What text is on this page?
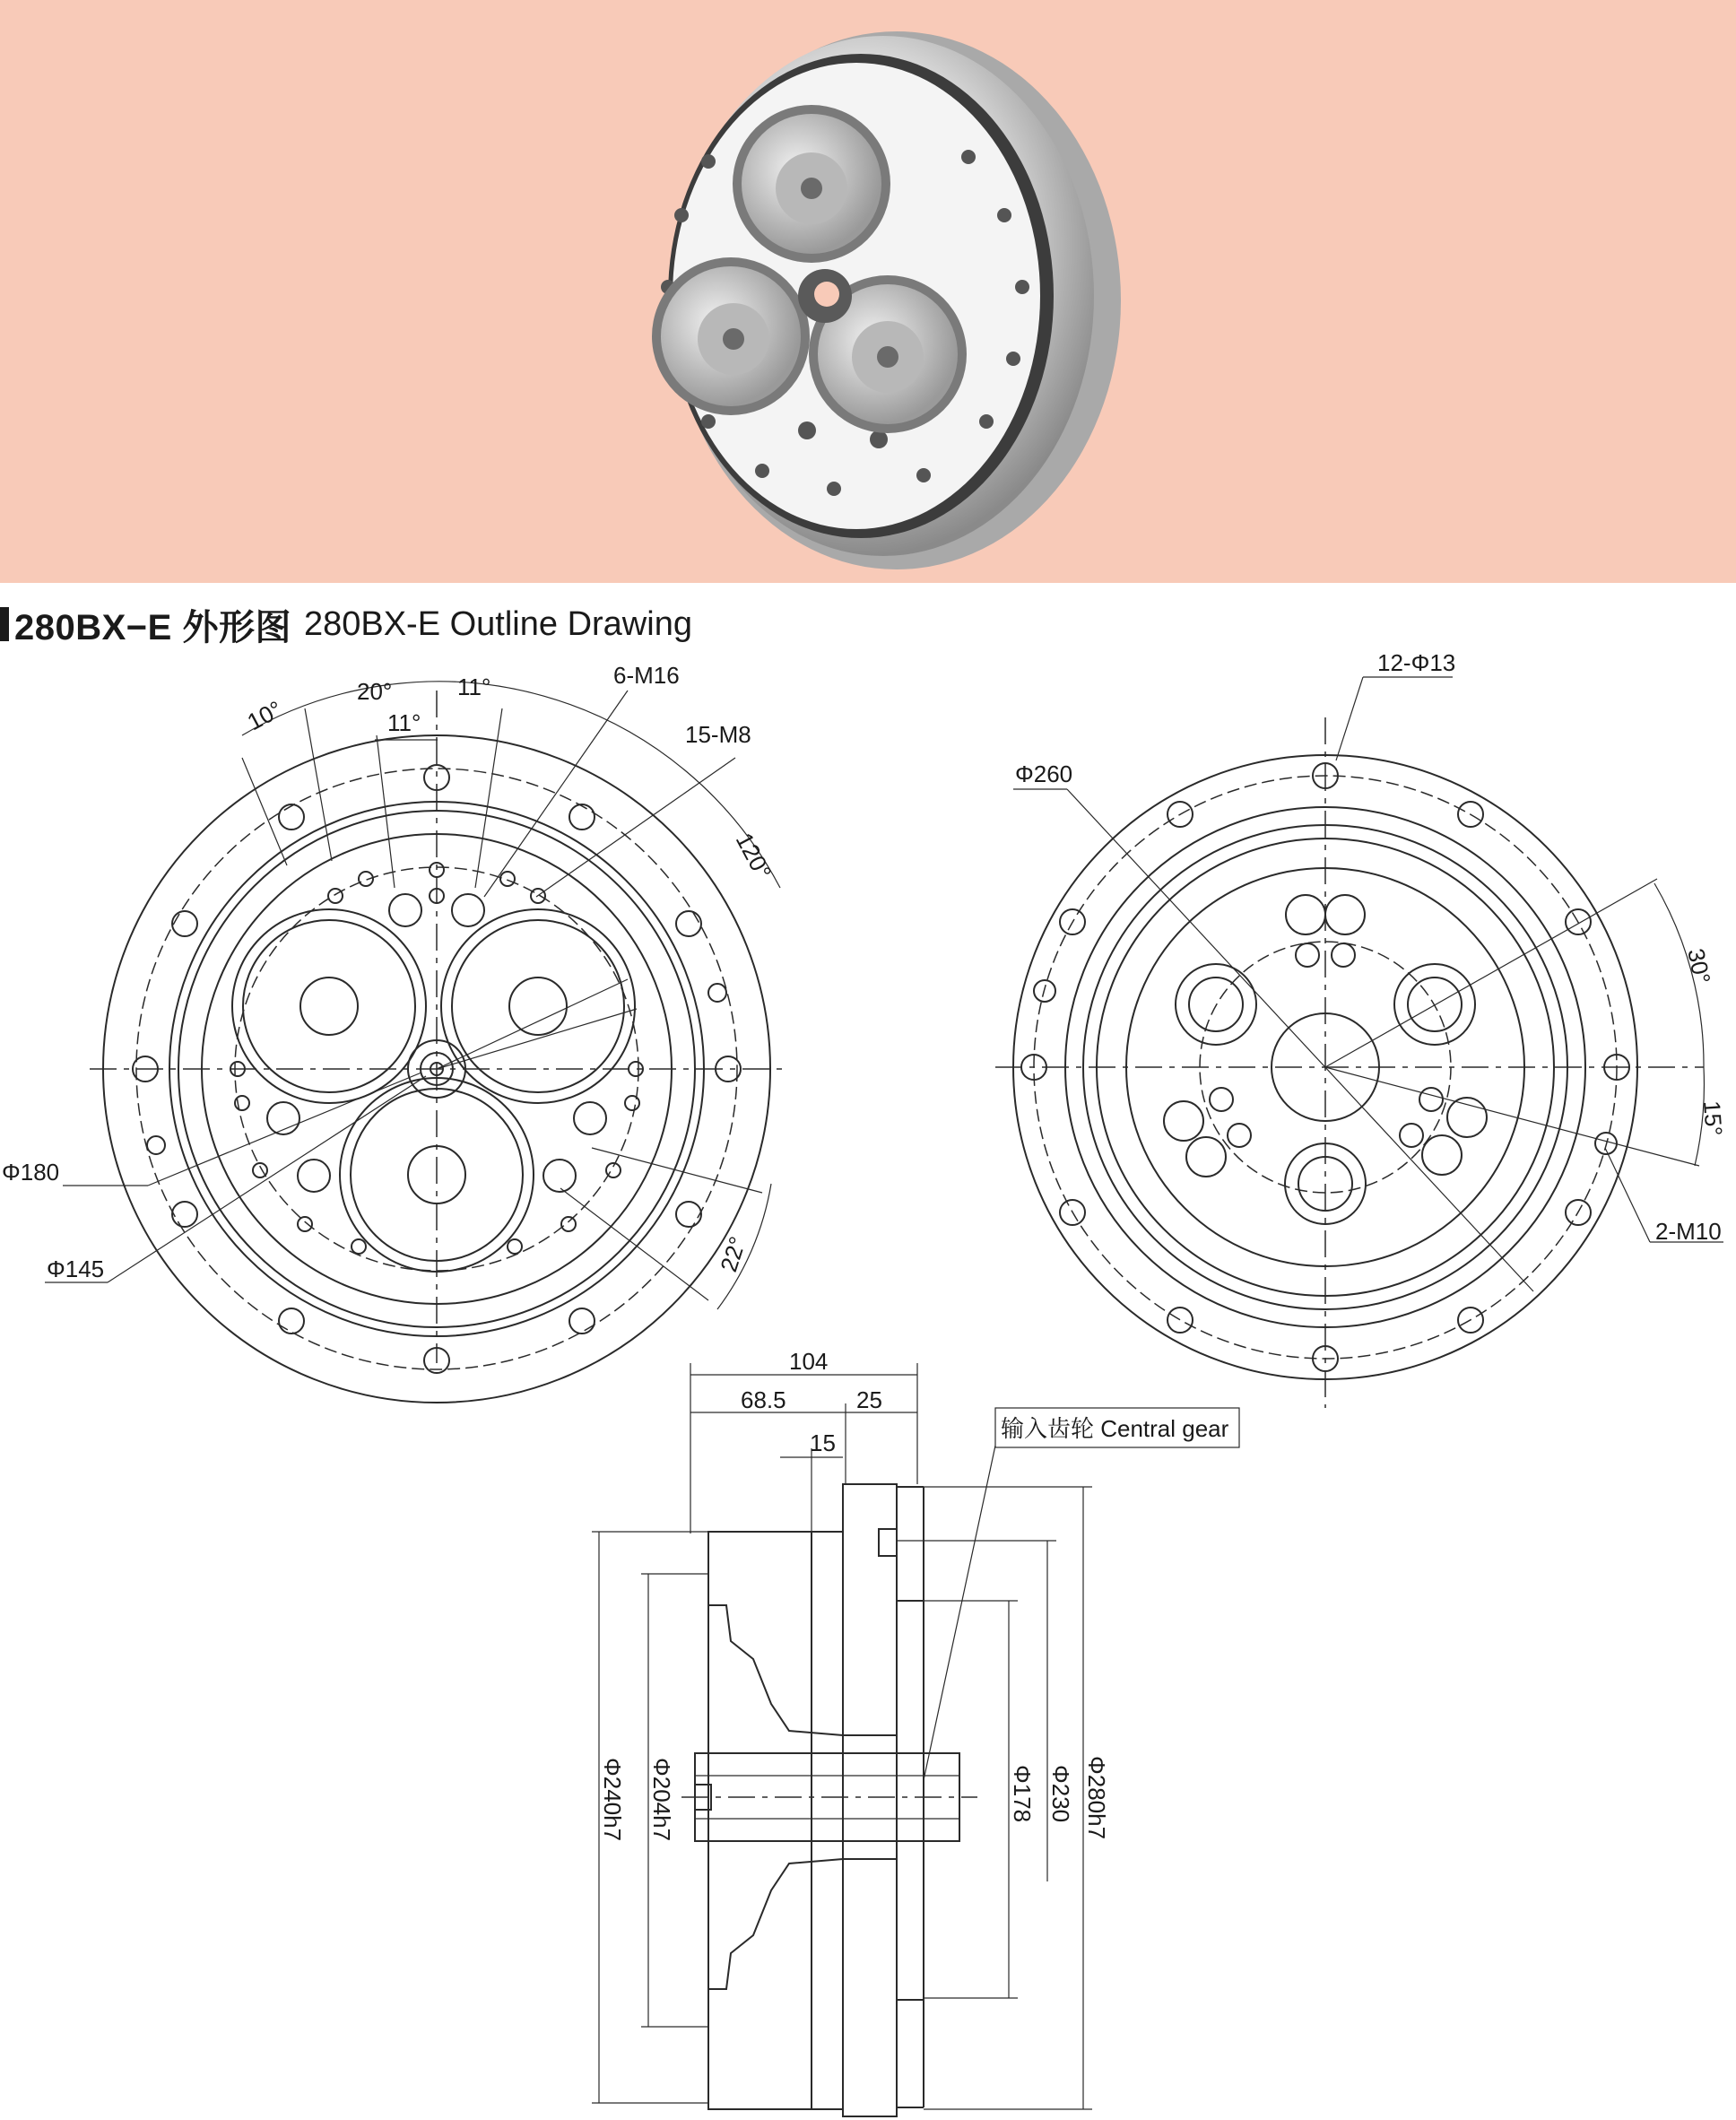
280BX−E 外形图 280BX-E Outline Drawing
10°
20°	11°
11°
6-M16
15-M8
120°
22°
Φ180
Φ145
12-Φ13
Φ260
30°
15°
2-M10
104
68.5	25
15
输入齿轮 Central gear
Φ240h7 Φ204h7	Φ178 Φ230 Φ280h7
